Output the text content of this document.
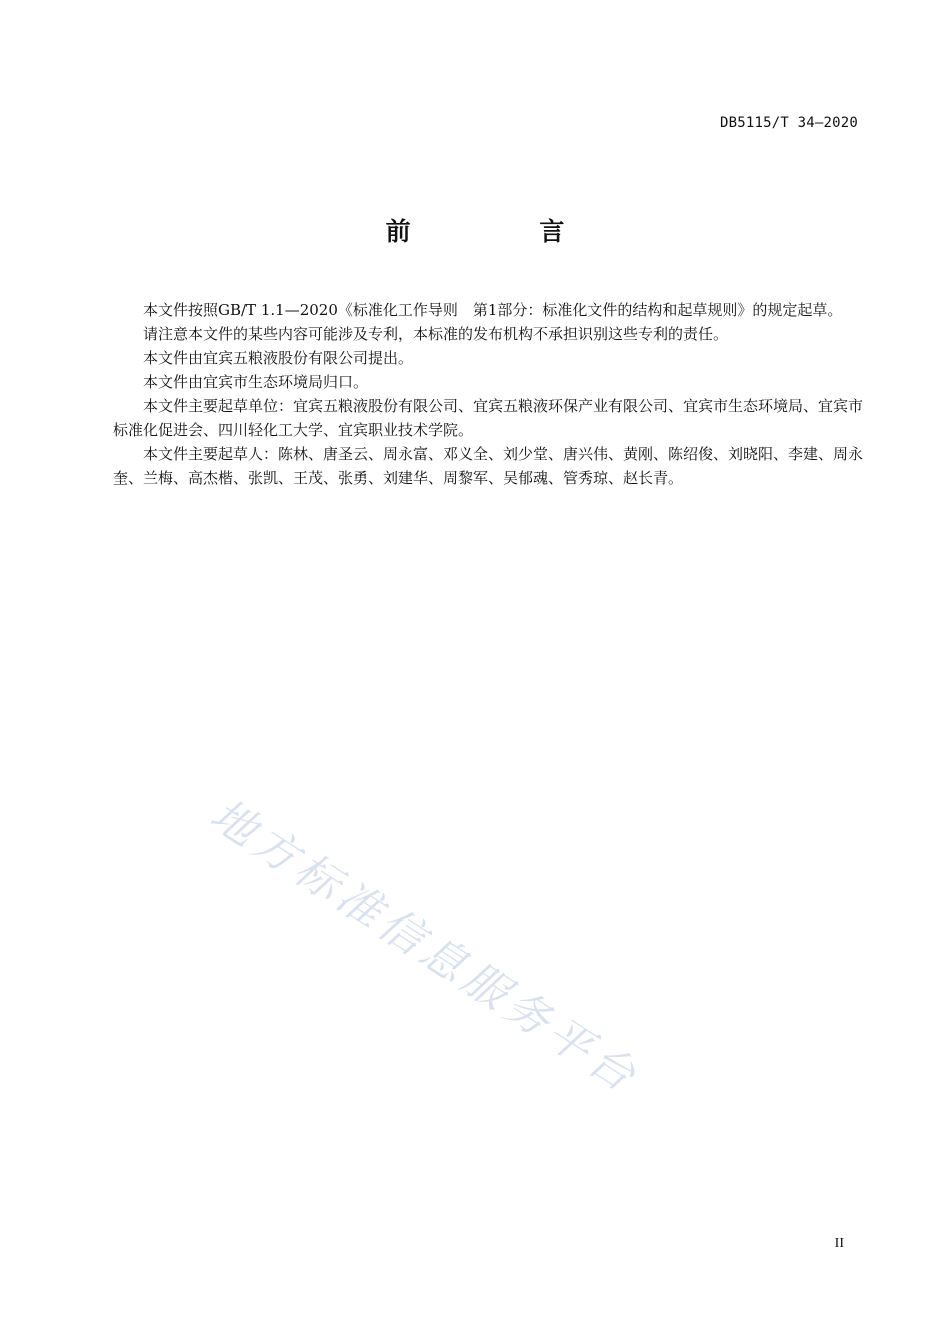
DB5115/T 34—2020
前 言

本文件按照GB/T 1.1—2020《标准化工作导则　第1部分：标准化文件的结构和起草规则》的规定起草。

请注意本文件的某些内容可能涉及专利，本标准的发布机构不承担识别这些专利的责任。

本文件由宜宾五粮液股份有限公司提出。

本文件由宜宾市生态环境局归口。

本文件主要起草单位：宜宾五粮液股份有限公司、宜宾五粮液环保产业有限公司、宜宾市生态环境局、宜宾市标准化促进会、四川轻化工大学、宜宾职业技术学院。

本文件主要起草人：陈林、唐圣云、周永富、邓义全、刘少堂、唐兴伟、黄刚、陈绍俊、刘晓阳、李建、周永奎、兰梅、高杰楷、张凯、王茂、张勇、刘建华、周黎军、吴郁魂、管秀琼、赵长青。

地方标准信息服务平台
II
